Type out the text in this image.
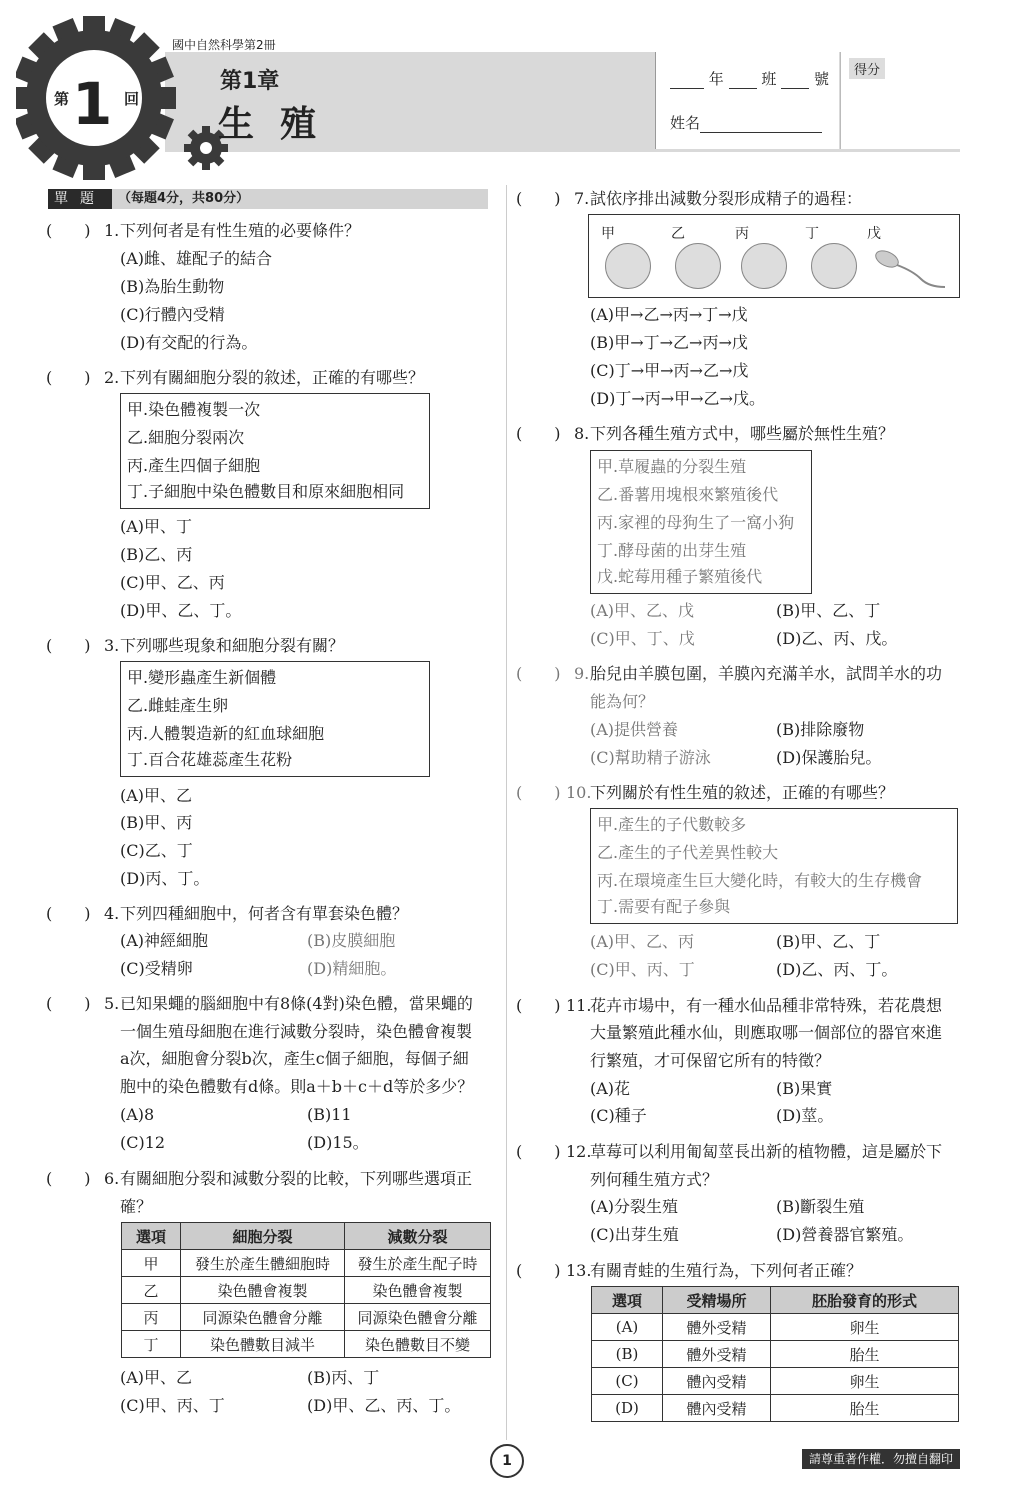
第 1 回
國中自然科學第2冊
第1章
生殖
年	班	號
姓名
得分
單題 （每題4分，共80分）
(　　) 1. 下列何者是有性生殖的必要條件？
(A)雌、雄配子的結合
(B)為胎生動物
(C)行體內受精
(D)有交配的行為。
(　　) 2. 下列有關細胞分裂的敘述，正確的有哪些？
甲.染色體複製一次
乙.細胞分裂兩次
丙.產生四個子細胞
丁.子細胞中染色體數目和原來細胞相同
(A)甲、丁
(B)乙、丙
(C)甲、乙、丙
(D)甲、乙、丁。
(　　) 3. 下列哪些現象和細胞分裂有關？
甲.變形蟲產生新個體
乙.雌蛙產生卵
丙.人體製造新的紅血球細胞
丁.百合花雄蕊產生花粉
(A)甲、乙
(B)甲、丙
(C)乙、丁
(D)丙、丁。
(　　) 4. 下列四種細胞中，何者含有單套染色體？
(A)神經細胞	(B)皮膜細胞
(C)受精卵	(D)精細胞。
(　　) 5. 已知果蠅的腦細胞中有8條(4對)染色體，當果蠅的
一個生殖母細胞在進行減數分裂時，染色體會複製
a次，細胞會分裂b次，產生c個子細胞，每個子細
胞中的染色體數有d條。則a＋b＋c＋d等於多少？
(A)8	(B)11
(C)12	(D)15。
(　　) 6. 有關細胞分裂和減數分裂的比較，下列哪些選項正
確？
選項	細胞分裂	減數分裂
甲	發生於產生體細胞時	發生於產生配子時
乙	染色體會複製	染色體會複製
丙	同源染色體會分離	同源染色體會分離
丁	染色體數目減半	染色體數目不變
(A)甲、乙	(B)丙、丁
(C)甲、丙、丁	(D)甲、乙、丙、丁。
(　　) 7. 試依序排出減數分裂形成精子的過程：
甲	乙	丙	丁	戊
(A)甲→乙→丙→丁→戊
(B)甲→丁→乙→丙→戊
(C)丁→甲→丙→乙→戊
(D)丁→丙→甲→乙→戊。
(　　) 8. 下列各種生殖方式中，哪些屬於無性生殖？
甲.草履蟲的分裂生殖
乙.番薯用塊根來繁殖後代
丙.家裡的母狗生了一窩小狗
丁.酵母菌的出芽生殖
戊.蛇莓用種子繁殖後代
(A)甲、乙、戊	(B)甲、乙、丁
(C)甲、丁、戊	(D)乙、丙、戊。
(　　) 9. 胎兒由羊膜包圍，羊膜內充滿羊水，試問羊水的功
能為何？
(A)提供營養	(B)排除廢物
(C)幫助精子游泳	(D)保護胎兒。
(　　) 10.
下列關於有性生殖的敘述，正確的有哪些？
甲.產生的子代數較多
乙.產生的子代差異性較大
丙.在環境產生巨大變化時，有較大的生存機會
丁.需要有配子參與
(A)甲、乙、丙	(B)甲、乙、丁
(C)甲、丙、丁	(D)乙、丙、丁。
(　　) 11.
花卉市場中，有一種水仙品種非常特殊，若花農想
大量繁殖此種水仙，則應取哪一個部位的器官來進
行繁殖，才可保留它所有的特徵？
(A)花	(B)果實
(C)種子	(D)莖。
(　　) 12.
草莓可以利用匍匐莖長出新的植物體，這是屬於下
列何種生殖方式？
(A)分裂生殖	(B)斷裂生殖
(C)出芽生殖	(D)營養器官繁殖。
(　　) 13.
有關青蛙的生殖行為，下列何者正確？
選項	受精場所	胚胎發育的形式
(A)	體外受精	卵生
(B)	體外受精	胎生
(C)	體內受精	卵生
(D)	體內受精	胎生
1	請尊重著作權．勿擅自翻印
